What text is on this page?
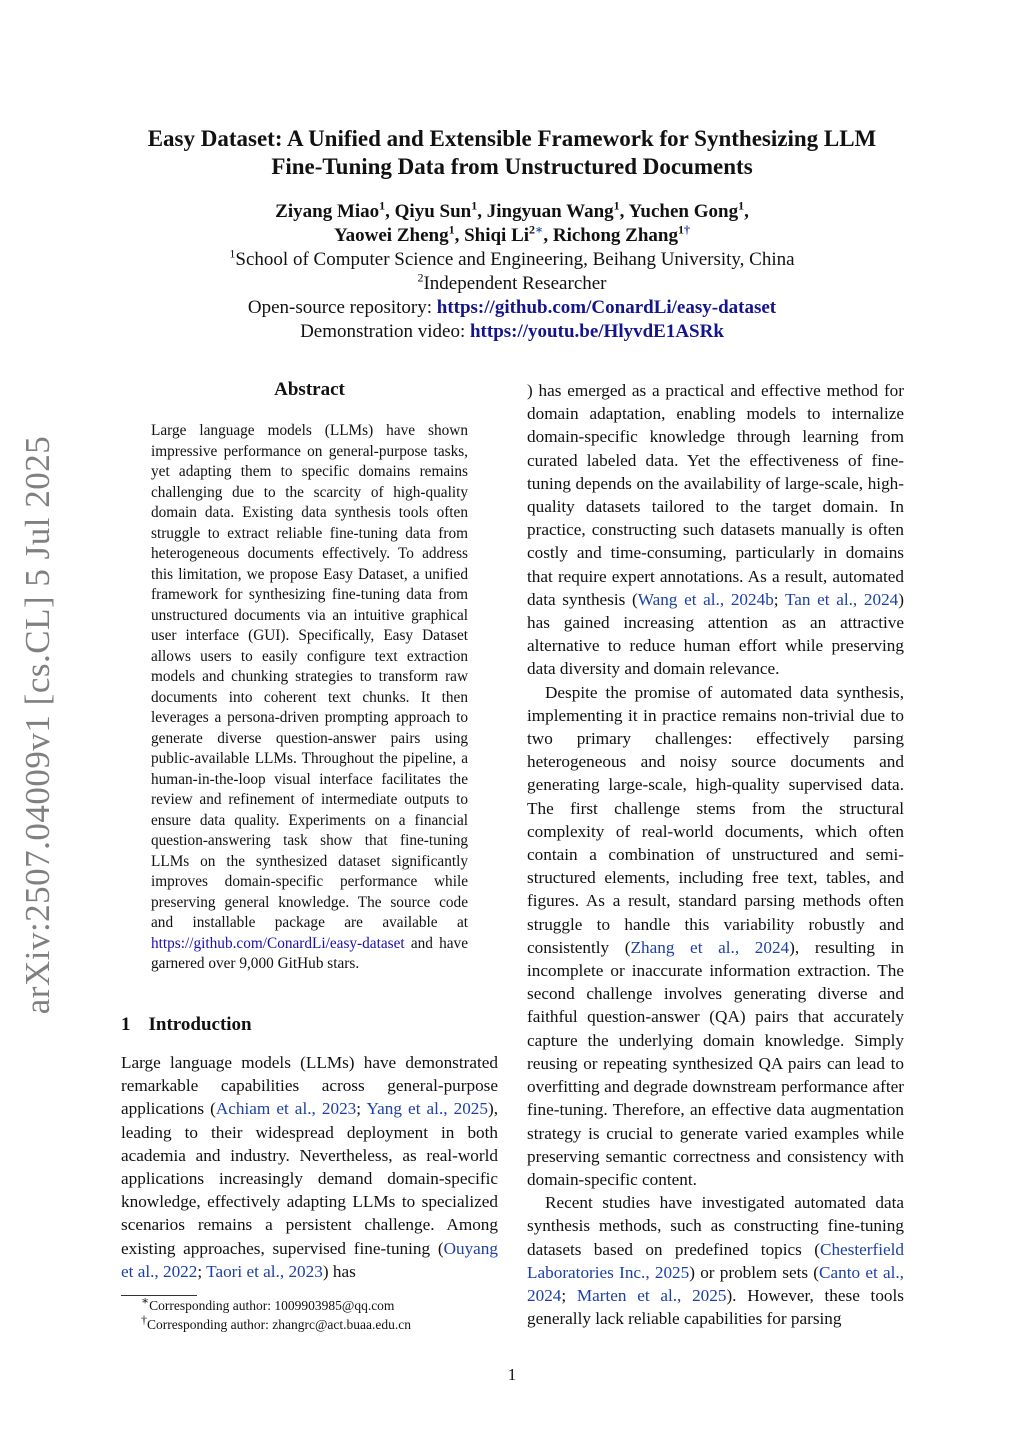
arXiv:2507.04009v1 [cs.CL] 5 Jul 2025
Easy Dataset: A Unified and Extensible Framework for Synthesizing LLM
Fine-Tuning Data from Unstructured Documents
Ziyang Miao$^1$, Qiyu Sun$^1$, Jingyuan Wang$^1$, Yuchen Gong$^1$,
Yaowei Zheng$^1$, Shiqi $Li^{2∗}$, Richong Zhang$^{1\dagger}$
$^1$School of Computer Science and Engineering, Beihang University, China
$^2$Independent Researcher
Open-source repository: https://github.com/ConardLi/easy-dataset
Demonstration video: https://youtu.be/HlyvdE1ASRk
Abstract
Large language models (LLMs) have shown impressive performance on general-purpose tasks, yet adapting them to specific domains remains challenging due to the scarcity of high-quality domain data. Existing data synthesis tools often struggle to extract reliable fine-tuning data from heterogeneous documents effectively. To address this limitation, we propose Easy Dataset, a unified framework for synthesizing fine-tuning data from unstructured documents via an intuitive graphical user interface (GUI). Specifically, Easy Dataset allows users to easily configure text extraction models and chunking strategies to transform raw documents into coherent text chunks. It then leverages a persona-driven prompting approach to generate diverse question-answer pairs using public-available LLMs. Throughout the pipeline, a human-in-the-loop visual interface facilitates the review and refinement of intermediate outputs to ensure data quality. Experiments on a financial question-answering task show that fine-tuning LLMs on the synthesized dataset significantly improves domain-specific performance while preserving general knowledge. The source code and installable package are available at https://github.com/ConardLi/easy-dataset and have garnered over 9,000 GitHub stars.
1 Introduction

Large language models (LLMs) have demonstrated remarkable capabilities across general-purpose applications (Achiam et al., 2023; Yang et al., 2025), leading to their widespread deployment in both academia and industry. Nevertheless, as real-world applications increasingly demand domain-specific knowledge, effectively adapting LLMs to specialized scenarios remains a persistent challenge. Among existing approaches, supervised fine-tuning (Ouyang et al., 2022; Taori et al., 2023) has

) has emerged as a practical and effective method for domain adaptation, enabling models to internalize domain-specific knowledge through learning from curated labeled data. Yet the effectiveness of fine-tuning depends on the availability of large-scale, high-quality datasets tailored to the target domain. In practice, constructing such datasets manually is often costly and time-consuming, particularly in domains that require expert annotations. As a result, automated data synthesis (Wang et al., 2024b; Tan et al., 2024) has gained increasing attention as an attractive alternative to reduce human effort while preserving data diversity and domain relevance.

Despite the promise of automated data synthesis, implementing it in practice remains non-trivial due to two primary challenges: effectively parsing heterogeneous and noisy source documents and generating large-scale, high-quality supervised data. The first challenge stems from the structural complexity of real-world documents, which often contain a combination of unstructured and semi-structured elements, including free text, tables, and figures. As a result, standard parsing methods often struggle to handle this variability robustly and consistently (Zhang et al., 2024), resulting in incomplete or inaccurate information extraction. The second challenge involves generating diverse and faithful question-answer (QA) pairs that accurately capture the underlying domain knowledge. Simply reusing or repeating synthesized QA pairs can lead to overfitting and degrade downstream performance after fine-tuning. Therefore, an effective data augmentation strategy is crucial to generate varied examples while preserving semantic correctness and consistency with domain-specific content.

Recent studies have investigated automated data synthesis methods, such as constructing fine-tuning datasets based on predefined topics (Chesterfield Laboratories Inc., 2025) or problem sets (Canto et al., 2024; Marten et al., 2025). However, these tools generally lack reliable capabilities for parsing

∗Corresponding author: 1009903985@qq.com
†Corresponding author: zhangrc@act.buaa.edu.cn
1
